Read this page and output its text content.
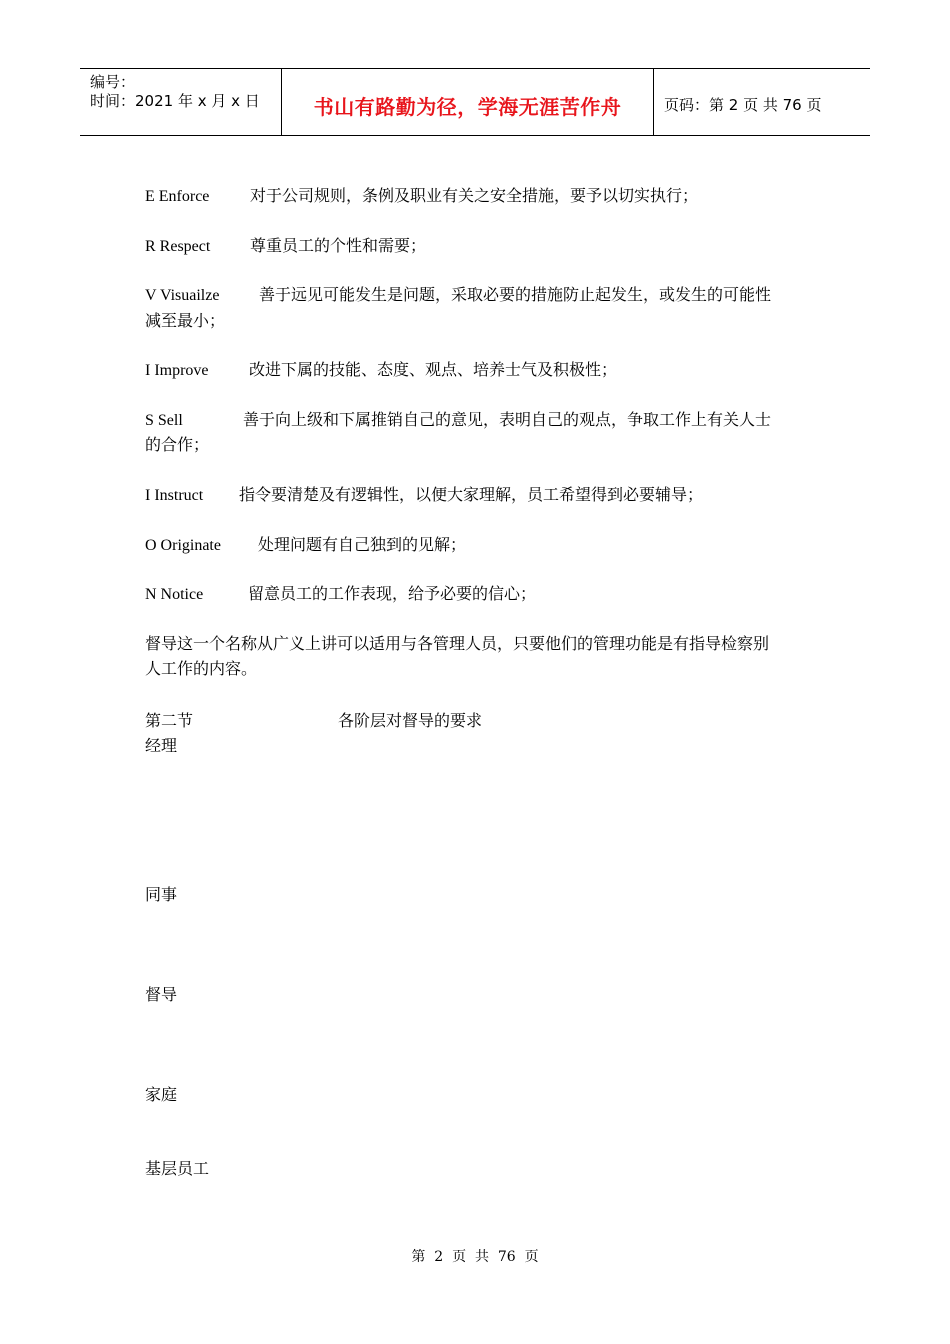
编号：
时间：2021 年 x 月 x 日	书山有路勤为径，学海无涯苦作舟	页码：第 2 页 共 76 页
E Enforce	对于公司规则，条例及职业有关之安全措施，要予以切实执行；
R Respect 尊重员工的个性和需要；
V Visuailze 善于远见可能发生是问题，采取必要的措施防止起发生，或发生的可能性
减至最小；
I Improve	改进下属的技能、态度、观点、培养士气及积极性；
S Sell	善于向上级和下属推销自己的意见，表明自己的观点，争取工作上有关人士
的合作；
I Instruct 指令要清楚及有逻辑性，以便大家理解，员工希望得到必要辅导；
O Originate 处理问题有自己独到的见解；
N Notice	留意员工的工作表现，给予必要的信心；
督导这一个名称从广义上讲可以适用与各管理人员，只要他们的管理功能是有指导检察别
人工作的内容。
第二节	各阶层对督导的要求
经理
同事
督导
家庭
基层员工
第  2  页  共  76  页
